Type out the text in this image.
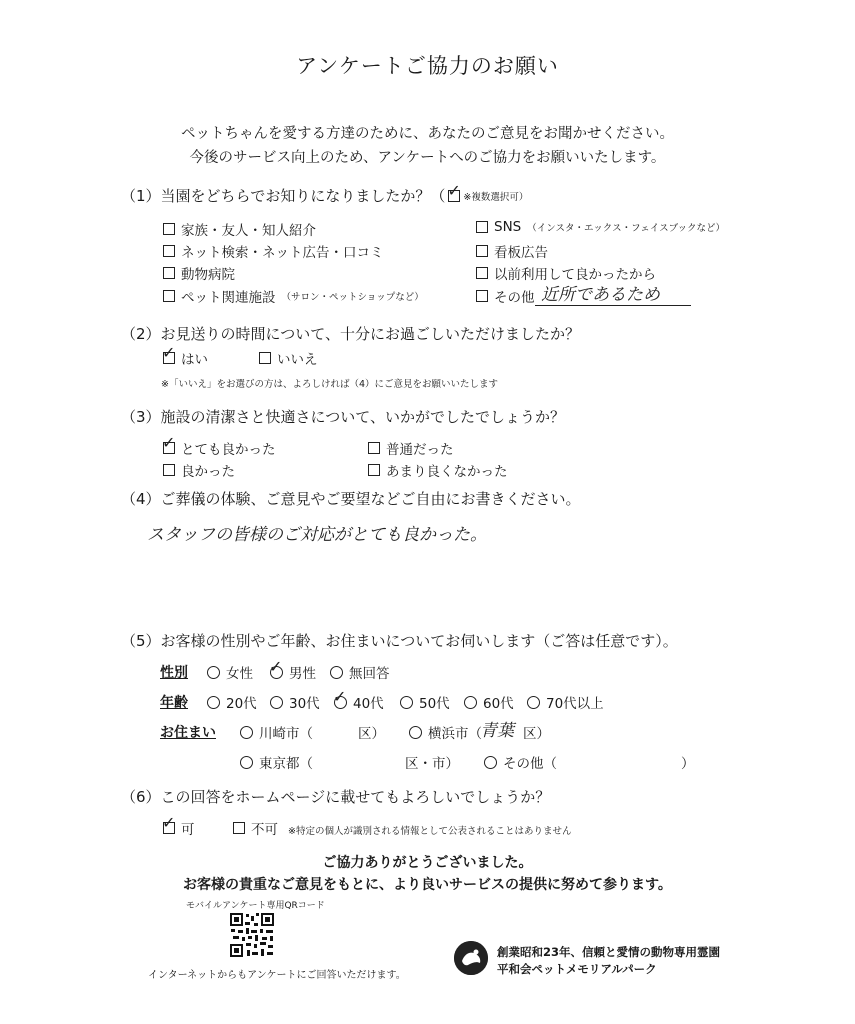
アンケートご協力のお願い
ペットちゃんを愛する方達のために、あなたのご意見をお聞かせください。
今後のサービス向上のため、アンケートへのご協力をお願いいたします。
（1）当園をどちらでお知りになりましたか？（ ✓ ※複数選択可）
家族・友人・知人紹介
ネット検索・ネット広告・口コミ
動物病院
ペット関連施設 （サロン・ペットショップなど）
SNS （インスタ・エックス・フェイスブックなど）
看板広告
以前利用して良かったから
その他 近所であるため
（2）お見送りの時間について、十分にお過ごしいただけましたか？
✓ はい	いいえ
※「いいえ」をお選びの方は、よろしければ（4）にご意見をお願いいたします
（3）施設の清潔さと快適さについて、いかがでしたでしょうか？
✓ とても良かった	普通だった
良かった	あまり良くなかった
（4）ご葬儀の体験、ご意見やご要望などご自由にお書きください。
スタッフの皆様のご対応がとても良かった。
（5）お客様の性別やご年齢、お住まいについてお伺いします（ご答は任意です）。
性別	女性 ✓ 男性 無回答
年齢	20代 30代 ✓ 40代	50代 60代 70代以上
お住まい	川崎市（	区）	横浜市（
青葉 区）
東京都（	区・市）	その他（	）
（6）この回答をホームページに載せてもよろしいでしょうか？
✓ 可	不可 ※特定の個人が識別される情報として公表されることはありません
ご協力ありがとうございました。
お客様の貴重なご意見をもとに、より良いサービスの提供に努めて参ります。
モバイルアンケート専用QRコード
インターネットからもアンケートにご回答いただけます。
創業昭和23年、信頼と愛情の動物専用霊園
平和会ペットメモリアルパーク
